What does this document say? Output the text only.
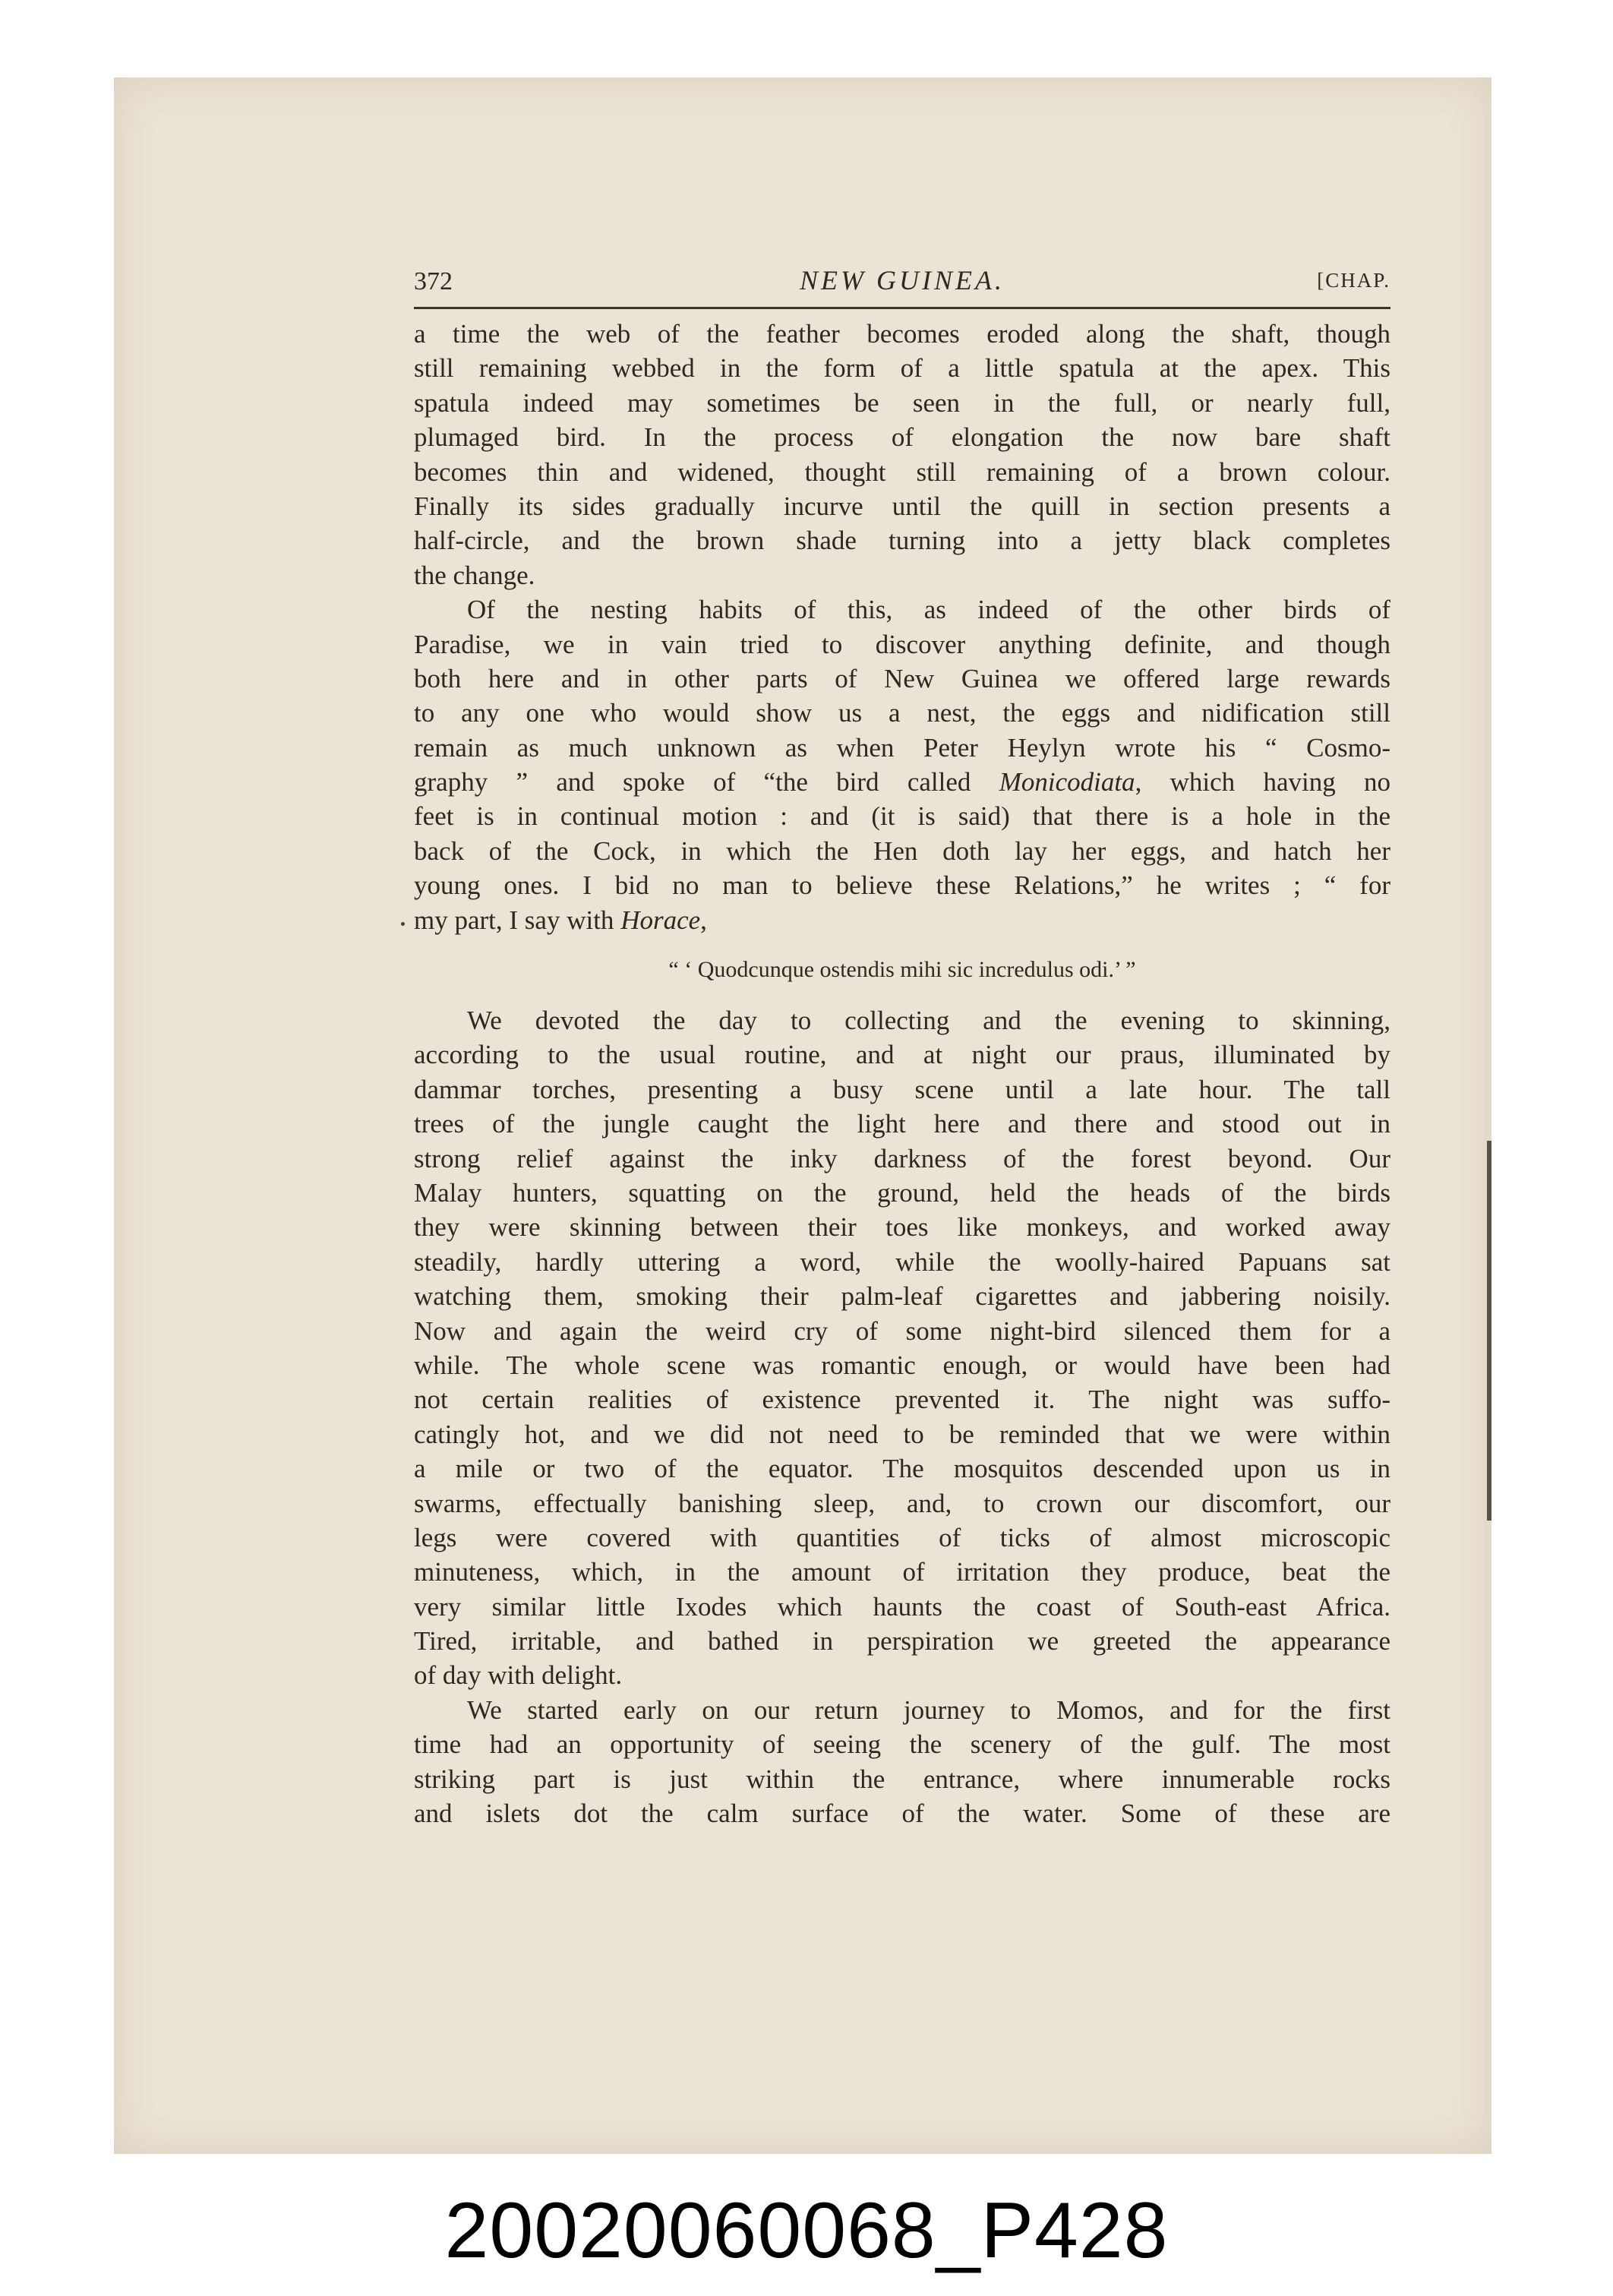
372	NEW GUINEA.	[CHAP.
a time the web of the feather becomes eroded along the shaft, though
still remaining webbed in the form of a little spatula at the apex. This
spatula indeed may sometimes be seen in the full, or nearly full,
plumaged bird. In the process of elongation the now bare shaft
becomes thin and widened, thought still remaining of a brown colour.
Finally its sides gradually incurve until the quill in section presents a
half-circle, and the brown shade turning into a jetty black completes
the change.
Of the nesting habits of this, as indeed of the other birds of
Paradise, we in vain tried to discover anything definite, and though
both here and in other parts of New Guinea we offered large rewards
to any one who would show us a nest, the eggs and nidification still
remain as much unknown as when Peter Heylyn wrote his “ Cosmo-
graphy ” and spoke of “the bird called Monicodiata, which having no
feet is in continual motion : and (it is said) that there is a hole in the
back of the Cock, in which the Hen doth lay her eggs, and hatch her
young ones. I bid no man to believe these Relations,” he writes ; “ for
my part, I say with Horace,
“ ‘ Quodcunque ostendis mihi sic incredulus odi.’ ”
We devoted the day to collecting and the evening to skinning,
according to the usual routine, and at night our praus, illuminated by
dammar torches, presenting a busy scene until a late hour. The tall
trees of the jungle caught the light here and there and stood out in
strong relief against the inky darkness of the forest beyond. Our
Malay hunters, squatting on the ground, held the heads of the birds
they were skinning between their toes like monkeys, and worked away
steadily, hardly uttering a word, while the woolly-haired Papuans sat
watching them, smoking their palm-leaf cigarettes and jabbering noisily.
Now and again the weird cry of some night-bird silenced them for a
while. The whole scene was romantic enough, or would have been had
not certain realities of existence prevented it. The night was suffo-
catingly hot, and we did not need to be reminded that we were within
a mile or two of the equator. The mosquitos descended upon us in
swarms, effectually banishing sleep, and, to crown our discomfort, our
legs were covered with quantities of ticks of almost microscopic
minuteness, which, in the amount of irritation they produce, beat the
very similar little Ixodes which haunts the coast of South-east Africa.
Tired, irritable, and bathed in perspiration we greeted the appearance
of day with delight.
We started early on our return journey to Momos, and for the first
time had an opportunity of seeing the scenery of the gulf. The most
striking part is just within the entrance, where innumerable rocks
and islets dot the calm surface of the water. Some of these are
20020060068_P428
